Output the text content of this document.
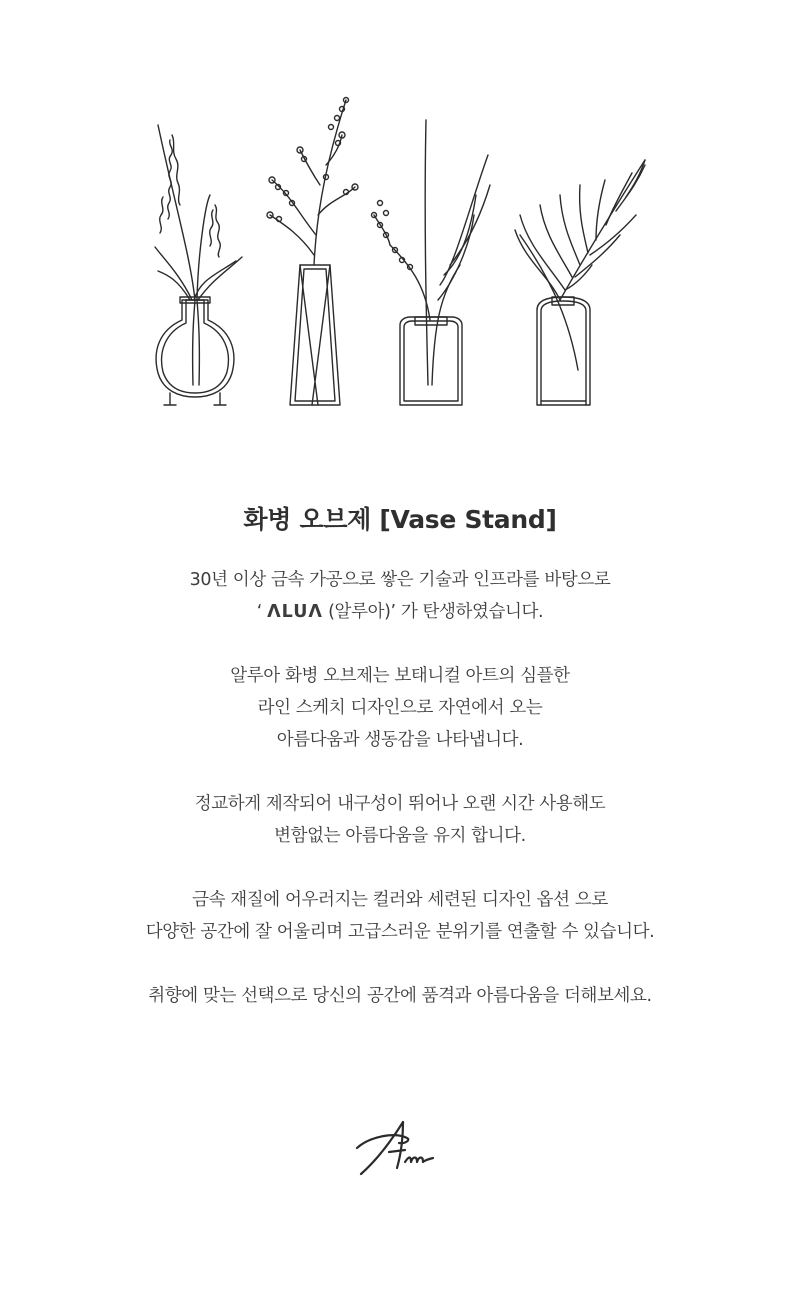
화병 오브제 [Vase Stand]
30년 이상 금속 가공으로 쌓은 기술과 인프라를 바탕으로
‘ ΛLUΛ (알루아)’ 가 탄생하였습니다.
알루아 화병 오브제는 보태니컬 아트의 심플한
라인 스케치 디자인으로 자연에서 오는
아름다움과 생동감을 나타냅니다.
정교하게 제작되어 내구성이 뛰어나 오랜 시간 사용해도
변함없는 아름다움을 유지 합니다.
금속 재질에 어우러지는 컬러와 세련된 디자인 옵션 으로
다양한 공간에 잘 어울리며 고급스러운 분위기를 연출할 수 있습니다.
취향에 맞는 선택으로 당신의 공간에 품격과 아름다움을 더해보세요.
